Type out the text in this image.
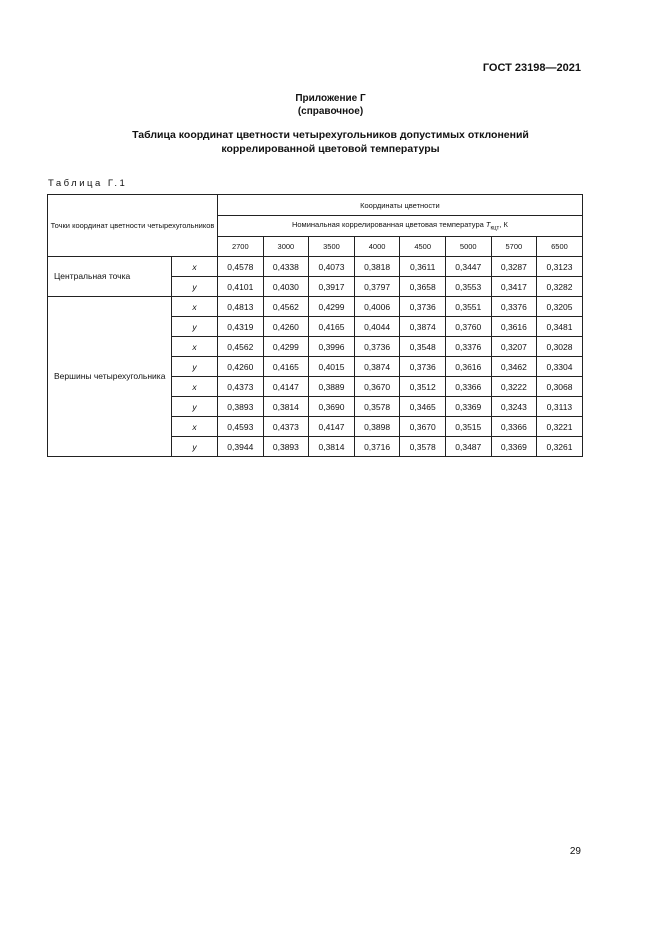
ГОСТ 23198—2021
Приложение Г
(справочное)
Таблица координат цветности четырехугольников допустимых отклонений
коррелированной цветовой температуры
Таблица Г.1
Точки координат цветности четырехугольников		Координаты цветности							
		Номинальная коррелированная цветовая температура $T_{кцт}$, К							
		2700	3000	3500	4000	4500	5000	5700	6500
Центральная точка	x	0,4578	0,4338	0,4073	0,3818	0,3611	0,3447	0,3287	0,3123
	y	0,4101	0,4030	0,3917	0,3797	0,3658	0,3553	0,3417	0,3282
Вершины четырехугольника	x	0,4813	0,4562	0,4299	0,4006	0,3736	0,3551	0,3376	0,3205
	y	0,4319	0,4260	0,4165	0,4044	0,3874	0,3760	0,3616	0,3481
	x	0,4562	0,4299	0,3996	0,3736	0,3548	0,3376	0,3207	0,3028
	y	0,4260	0,4165	0,4015	0,3874	0,3736	0,3616	0,3462	0,3304
	x	0,4373	0,4147	0,3889	0,3670	0,3512	0,3366	0,3222	0,3068
	y	0,3893	0,3814	0,3690	0,3578	0,3465	0,3369	0,3243	0,3113
	x	0,4593	0,4373	0,4147	0,3898	0,3670	0,3515	0,3366	0,3221
	y	0,3944	0,3893	0,3814	0,3716	0,3578	0,3487	0,3369	0,3261
29
